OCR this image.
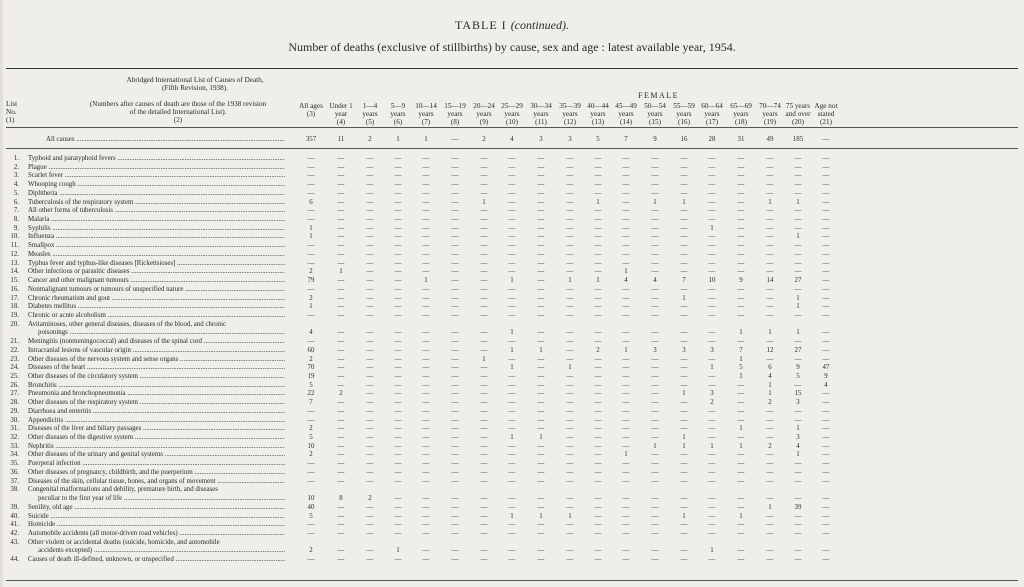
TABLE I (continued).
Number of deaths (exclusive of stillbirths) by cause, sex and age : latest available year, 1954.
Abridged International List of Causes of Death,
(Fifth Revision, 1938).
List
No.
(1)
(Numbers after causes of death are those of the 1938 revision
of the detailed International List).
(2)
FEMALE
All ages
(3)
Under 1
year
(4)
1—4
years
(5)
5—9
years
(6)
10—14
years
(7)
15—19
years
(8)
20—24
years
(9)
25—29
years
(10)
30—34
years
(11)
35—39
years
(12)
40—44
years
(13)
45—49
years
(14)
50—54
years
(15)
55—59
years
(16)
60—64
years
(17)
65—69
years
(18)
70—74
years
(19)
75 years
and over
(20)
Age not
stated
(21)
All causes .....	357	11	2	1	1	—	2	4	3	3	5	7	9	16	28	31	49	185	—
1. Typhoid and paratyphoid fevers .....	—	—	—	—	—	—	—	—	—	—	—	—	—	—	—	—	—	—	—
2. Plague .....	—	—	—	—	—	—	—	—	—	—	—	—	—	—	—	—	—	—	—
3. Scarlet fever .....	—	—	—	—	—	—	—	—	—	—	—	—	—	—	—	—	—	—	—
4. Whooping cough .....	—	—	—	—	—	—	—	—	—	—	—	—	—	—	—	—	—	—	—
5. Diphtheria .....	—	—	—	—	—	—	—	—	—	—	—	—	—	—	—	—	—	—	—
6. Tuberculosis of the respiratory system .....	6	—	—	—	—	—	1	—	—	—	1	—	1	1	—	—	1	1	—
7. All other forms of tuberculosis .....	—	—	—	—	—	—	—	—	—	—	—	—	—	—	—	—	—	—	—
8. Malaria .....	—	—	—	—	—	—	—	—	—	—	—	—	—	—	—	—	—	—	—
9. Syphilis .....	1	—	—	—	—	—	—	—	—	—	—	—	—	—	1	—	—	—	—
10. Influenza .....	1	—	—	—	—	—	—	—	—	—	—	—	—	—	—	—	—	1	—
11. Smallpox .....	—	—	—	—	—	—	—	—	—	—	—	—	—	—	—	—	—	—	—
12. Measles .....	—	—	—	—	—	—	—	—	—	—	—	—	—	—	—	—	—	—	—
13. Typhus fever and typhus-like diseases [Rickettsioses] .....	—	—	—	—	—	—	—	—	—	—	—	—	—	—	—	—	—	—	—
14. Other infectious or parasitic diseases .....	2	1	—	—	—	—	—	—	—	—	—	1	—	—	—	—	—	—	—
15. Cancer and other malignant tumours .....	79	—	—	—	1	—	—	1	—	1	1	4	4	7	10	9	14	27	—
16. Nonmalignant tumours or tumours of unspecified nature .....	—	—	—	—	—	—	—	—	—	—	—	—	—	—	—	—	—	—	—
17. Chronic rheumatism and gout .....	2	—	—	—	—	—	—	—	—	—	—	—	—	1	—	—	—	1	—
18. Diabetes mellitus .....	1	—	—	—	—	—	—	—	—	—	—	—	—	—	—	—	—	1	—
19. Chronic or acute alcoholism .....	—	—	—	—	—	—	—	—	—	—	—	—	—	—	—	—	—	—	—
20. Avitaminoses, other general diseases, diseases of the blood, and chronic
poisonings .....	4	—	—	—	—	—	—	1	—	—	—	—	—	—	—	1	1	1	—
21. Meningitis (nonmeningococcal) and diseases of the spinal cord .....	—	—	—	—	—	—	—	—	—	—	—	—	—	—	—	—	—	—	—
22. Intracranial lesions of vascular origin .....	60	—	—	—	—	—	—	1	1	—	2	1	3	3	3	7	12	27	—
23. Other diseases of the nervous system and sense organs .....	2	—	—	—	—	—	1	—	—	—	—	—	—	—	—	1	—	—	—
24. Diseases of the heart .....	70	—	—	—	—	—	—	1	—	1	—	—	—	—	1	5	6	9	47
25. Other diseases of the circulatory system .....	19	—	—	—	—	—	—	—	—	—	—	—	—	—	—	1	4	5	9
26. Bronchitis .....	5	—	—	—	—	—	—	—	—	—	—	—	—	—	—	—	1	—	4
27. Pneumonia and bronchopneumonia .....	22	2	—	—	—	—	—	—	—	—	—	—	—	1	3	—	1	15	—
28. Other diseases of the respiratory system .....	7	—	—	—	—	—	—	—	—	—	—	—	—	—	2	—	2	3	—
29. Diarrhoea and enteritis .....	—	—	—	—	—	—	—	—	—	—	—	—	—	—	—	—	—	—	—
30. Appendicitis .....	—	—	—	—	—	—	—	—	—	—	—	—	—	—	—	—	—	—	—
31. Diseases of the liver and biliary passages .....	2	—	—	—	—	—	—	—	—	—	—	—	—	—	—	1	—	1	—
32. Other diseases of the digestive system .....	5	—	—	—	—	—	—	1	1	—	—	—	—	1	—	—	—	3	—
33. Nephritis .....	10	—	—	—	—	—	—	—	—	—	—	—	1	1	1	1	2	4	—
34. Other diseases of the urinary and genital systems .....	2	—	—	—	—	—	—	—	—	—	—	1	—	—	—	—	—	1	—
35. Puerperal infection .....	—	—	—	—	—	—	—	—	—	—	—	—	—	—	—	—	—	—	—
36. Other diseases of pregnancy, childbirth, and the puerperium .....	—	—	—	—	—	—	—	—	—	—	—	—	—	—	—	—	—	—	—
37. Diseases of the skin, cellular tissue, bones, and organs of movement .....	—	—	—	—	—	—	—	—	—	—	—	—	—	—	—	—	—	—	—
38. Congenital malformations and debility, premature birth, and diseases
peculiar to the first year of life .....	10	8	2	—	—	—	—	—	—	—	—	—	—	—	—	—	—	—	—
39. Senility, old age .....	40	—	—	—	—	—	—	—	—	—	—	—	—	—	—	—	1	39	—
40. Suicide .....	5	—	—	—	—	—	—	1	1	1	—	—	—	1	—	1	—	—	—
41. Homicide .....	—	—	—	—	—	—	—	—	—	—	—	—	—	—	—	—	—	—	—
42. Automobile accidents (all motor-driven road vehicles) .....	—	—	—	—	—	—	—	—	—	—	—	—	—	—	—	—	—	—	—
43. Other violent or accidental deaths (suicide, homicide, and automobile
accidents excepted) .....	2	—	—	1	—	—	—	—	—	—	—	—	—	—	1	—	—	—	—
44. Causes of death ill-defined, unknown, or unspecified .....	—	—	—	—	—	—	—	—	—	—	—	—	—	—	—	—	—	—	—
